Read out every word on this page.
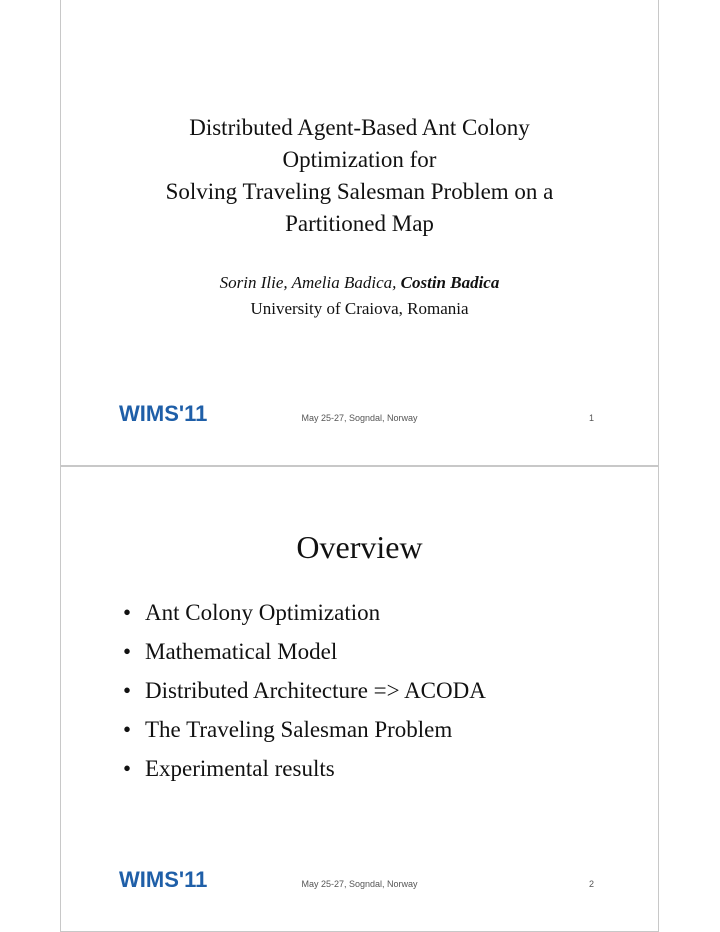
Distributed Agent-Based Ant Colony
Optimization for
Solving Traveling Salesman Problem on a
Partitioned Map
Sorin Ilie, Amelia Badica, Costin Badica
University of Craiova, Romania
WIMS'11	May 25-27, Sogndal, Norway	1
Overview
• Ant Colony Optimization
• Mathematical Model
• Distributed Architecture => ACODA
• The Traveling Salesman Problem
• Experimental results
WIMS'11	May 25-27, Sogndal, Norway	2
